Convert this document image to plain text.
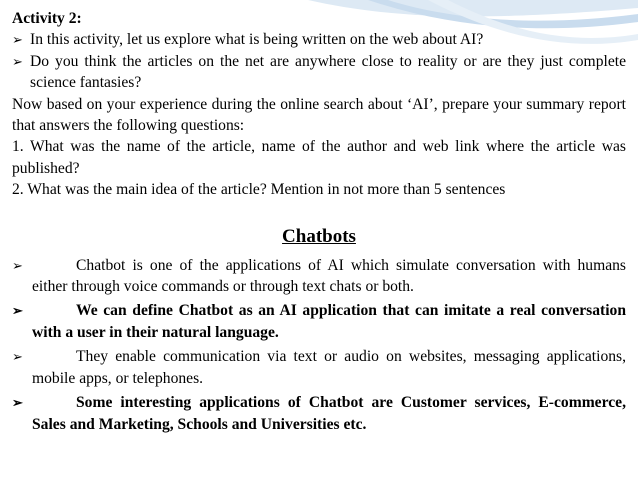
Activity 2:

➢ In this activity, let us explore what is being written on the web about AI?
➢ Do you think the articles on the net are anywhere close to reality or are they just complete science fantasies?

Now based on your experience during the online search about ‘AI’, prepare your summary report that answers the following questions:

1. What was the name of the article, name of the author and web link where the article was published?

2. What was the main idea of the article? Mention in not more than 5 sentences

Chatbots
➢	Chatbot is one of the applications of AI which simulate conversation with humans either through voice commands or through text chats or both.
➢	We can define Chatbot as an AI application that can imitate a real conversation with a user in their natural language.
➢	They enable communication via text or audio on websites, messaging applications, mobile apps, or telephones.
➢	Some interesting applications of Chatbot are Customer services, E-commerce, Sales and Marketing, Schools and Universities etc.
